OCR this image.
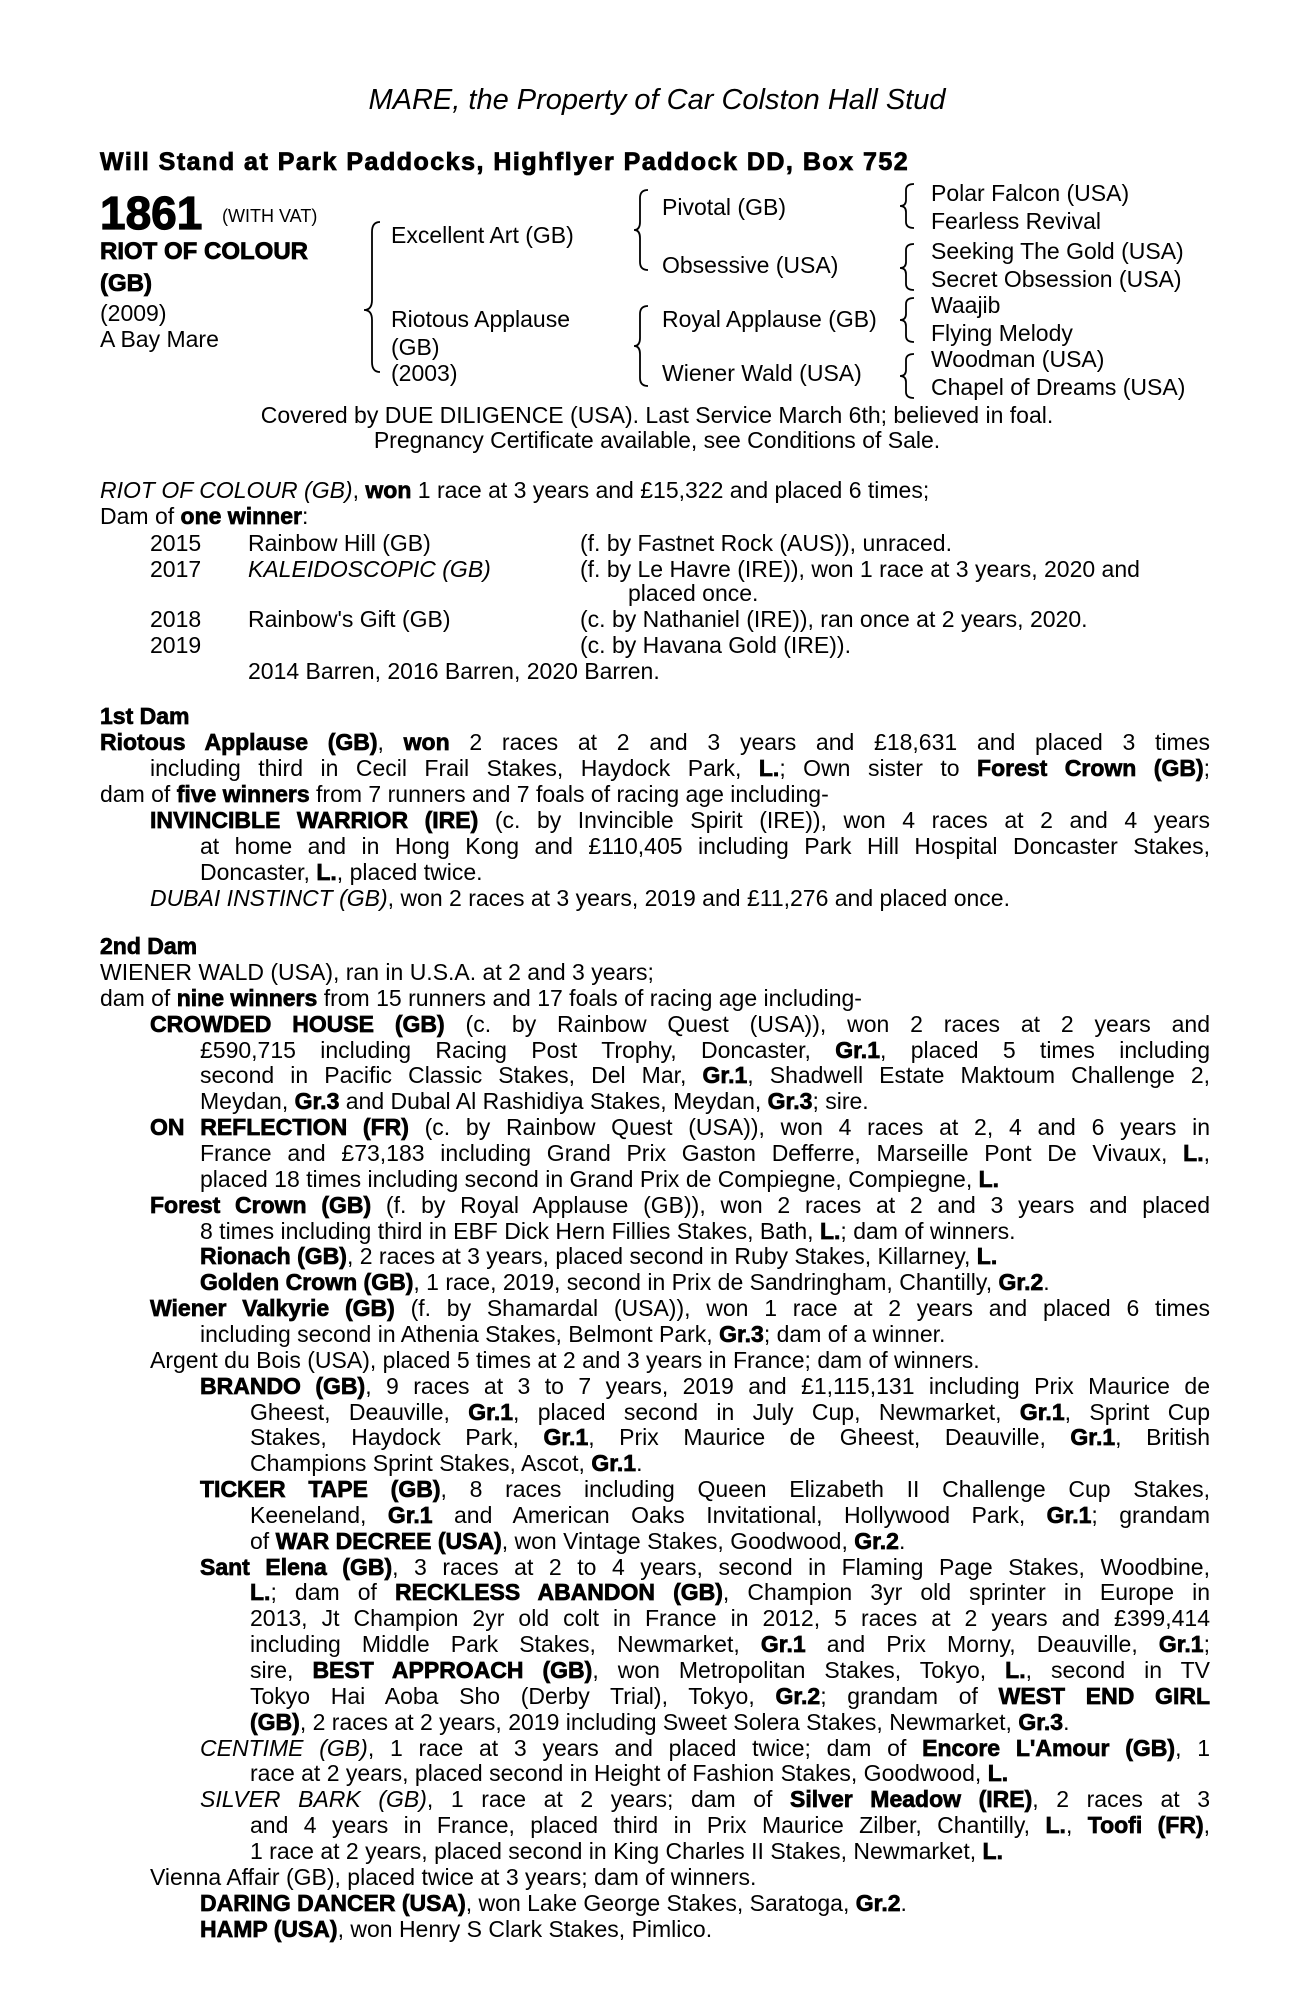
MARE, the Property of Car Colston Hall Stud
Will Stand at Park Paddocks, Highflyer Paddock DD, Box 752
1861 (WITH VAT)
RIOT OF COLOUR (GB)
(2009)
A Bay Mare
Excellent Art (GB)
Riotous Applause
(GB)
(2003)
Pivotal (GB)
Obsessive (USA)
Royal Applause (GB)
Wiener Wald (USA)
Polar Falcon (USA)
Fearless Revival
Seeking The Gold (USA)
Secret Obsession (USA)
Waajib
Flying Melody
Woodman (USA)
Chapel of Dreams (USA)
Covered by DUE DILIGENCE (USA). Last Service March 6th; believed in foal.
Pregnancy Certificate available, see Conditions of Sale.
RIOT OF COLOUR (GB), won 1 race at 3 years and £15,322 and placed 6 times;
Dam of one winner:
2015 Rainbow Hill (GB)	(f. by Fastnet Rock (AUS)), unraced.
2017 KALEIDOSCOPIC (GB)	(f. by Le Havre (IRE)), won 1 race at 3 years, 2020 and
placed once.
2018 Rainbow's Gift (GB)	(c. by Nathaniel (IRE)), ran once at 2 years, 2020.
2019	(c. by Havana Gold (IRE)).
2014 Barren, 2016 Barren, 2020 Barren.
1st Dam
Riotous Applause (GB), won 2 races at 2 and 3 years and £18,631 and placed 3 times
including third in Cecil Frail Stakes, Haydock Park, L.; Own sister to Forest Crown (GB);
dam of five winners from 7 runners and 7 foals of racing age including-
INVINCIBLE WARRIOR (IRE) (c. by Invincible Spirit (IRE)), won 4 races at 2 and 4 years
at home and in Hong Kong and £110,405 including Park Hill Hospital Doncaster Stakes,
Doncaster, L., placed twice.
DUBAI INSTINCT (GB), won 2 races at 3 years, 2019 and £11,276 and placed once.
2nd Dam
WIENER WALD (USA), ran in U.S.A. at 2 and 3 years;
dam of nine winners from 15 runners and 17 foals of racing age including-
CROWDED HOUSE (GB) (c. by Rainbow Quest (USA)), won 2 races at 2 years and
£590,715 including Racing Post Trophy, Doncaster, Gr.1, placed 5 times including
second in Pacific Classic Stakes, Del Mar, Gr.1, Shadwell Estate Maktoum Challenge 2,
Meydan, Gr.3 and Dubal Al Rashidiya Stakes, Meydan, Gr.3; sire.
ON REFLECTION (FR) (c. by Rainbow Quest (USA)), won 4 races at 2, 4 and 6 years in
France and £73,183 including Grand Prix Gaston Defferre, Marseille Pont De Vivaux, L.,
placed 18 times including second in Grand Prix de Compiegne, Compiegne, L.
Forest Crown (GB) (f. by Royal Applause (GB)), won 2 races at 2 and 3 years and placed
8 times including third in EBF Dick Hern Fillies Stakes, Bath, L.; dam of winners.
Rionach (GB), 2 races at 3 years, placed second in Ruby Stakes, Killarney, L.
Golden Crown (GB), 1 race, 2019, second in Prix de Sandringham, Chantilly, Gr.2.
Wiener Valkyrie (GB) (f. by Shamardal (USA)), won 1 race at 2 years and placed 6 times
including second in Athenia Stakes, Belmont Park, Gr.3; dam of a winner.
Argent du Bois (USA), placed 5 times at 2 and 3 years in France; dam of winners.
BRANDO (GB), 9 races at 3 to 7 years, 2019 and £1,115,131 including Prix Maurice de
Gheest, Deauville, Gr.1, placed second in July Cup, Newmarket, Gr.1, Sprint Cup
Stakes, Haydock Park, Gr.1, Prix Maurice de Gheest, Deauville, Gr.1, British
Champions Sprint Stakes, Ascot, Gr.1.
TICKER TAPE (GB), 8 races including Queen Elizabeth II Challenge Cup Stakes,
Keeneland, Gr.1 and American Oaks Invitational, Hollywood Park, Gr.1; grandam
of WAR DECREE (USA), won Vintage Stakes, Goodwood, Gr.2.
Sant Elena (GB), 3 races at 2 to 4 years, second in Flaming Page Stakes, Woodbine,
L.; dam of RECKLESS ABANDON (GB), Champion 3yr old sprinter in Europe in
2013, Jt Champion 2yr old colt in France in 2012, 5 races at 2 years and £399,414
including Middle Park Stakes, Newmarket, Gr.1 and Prix Morny, Deauville, Gr.1;
sire, BEST APPROACH (GB), won Metropolitan Stakes, Tokyo, L., second in TV
Tokyo Hai Aoba Sho (Derby Trial), Tokyo, Gr.2; grandam of WEST END GIRL
(GB), 2 races at 2 years, 2019 including Sweet Solera Stakes, Newmarket, Gr.3.
CENTIME (GB), 1 race at 3 years and placed twice; dam of Encore L'Amour (GB), 1
race at 2 years, placed second in Height of Fashion Stakes, Goodwood, L.
SILVER BARK (GB), 1 race at 2 years; dam of Silver Meadow (IRE), 2 races at 3
and 4 years in France, placed third in Prix Maurice Zilber, Chantilly, L., Toofi (FR),
1 race at 2 years, placed second in King Charles II Stakes, Newmarket, L.
Vienna Affair (GB), placed twice at 3 years; dam of winners.
DARING DANCER (USA), won Lake George Stakes, Saratoga, Gr.2.
HAMP (USA), won Henry S Clark Stakes, Pimlico.
